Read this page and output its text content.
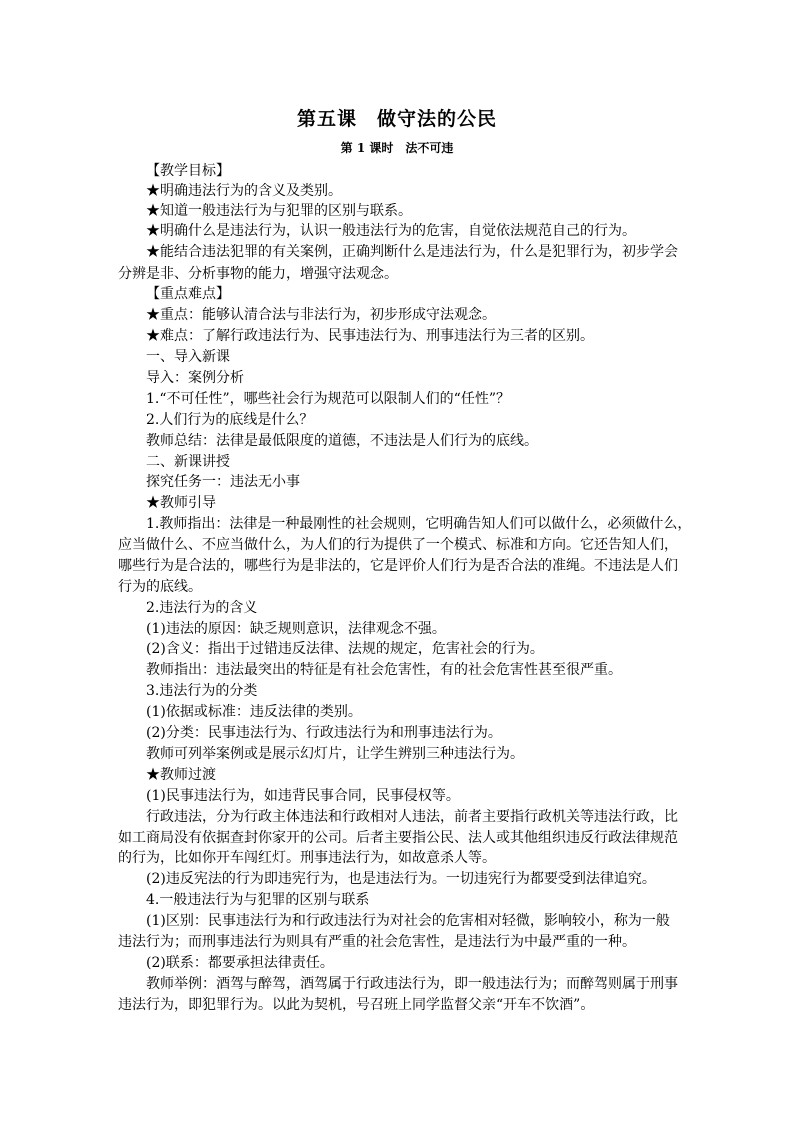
第五课　做守法的公民
第 1 课时　法不可违
【教学目标】
★明确违法行为的含义及类别。
★知道一般违法行为与犯罪的区别与联系。
★明确什么是违法行为，认识一般违法行为的危害，自觉依法规范自己的行为。
★能结合违法犯罪的有关案例，正确判断什么是违法行为，什么是犯罪行为，初步学会
分辨是非、分析事物的能力，增强守法观念。
【重点难点】
★重点：能够认清合法与非法行为，初步形成守法观念。
★难点：了解行政违法行为、民事违法行为、刑事违法行为三者的区别。
一、导入新课
导入：案例分析
1.“不可任性”，哪些社会行为规范可以限制人们的“任性”？
2.人们行为的底线是什么？
教师总结：法律是最低限度的道德，不违法是人们行为的底线。
二、新课讲授
探究任务一：违法无小事
★教师引导
1.教师指出：法律是一种最刚性的社会规则，它明确告知人们可以做什么，必须做什么，
应当做什么、不应当做什么，为人们的行为提供了一个模式、标准和方向。它还告知人们，
哪些行为是合法的，哪些行为是非法的，它是评价人们行为是否合法的准绳。不违法是人们
行为的底线。
2.违法行为的含义
(1)违法的原因：缺乏规则意识，法律观念不强。
(2)含义：指出于过错违反法律、法规的规定，危害社会的行为。
教师指出：违法最突出的特征是有社会危害性，有的社会危害性甚至很严重。
3.违法行为的分类
(1)依据或标准：违反法律的类别。
(2)分类：民事违法行为、行政违法行为和刑事违法行为。
教师可列举案例或是展示幻灯片，让学生辨别三种违法行为。
★教师过渡
(1)民事违法行为，如违背民事合同，民事侵权等。
行政违法，分为行政主体违法和行政相对人违法，前者主要指行政机关等违法行政，比
如工商局没有依据查封你家开的公司。后者主要指公民、法人或其他组织违反行政法律规范
的行为，比如你开车闯红灯。刑事违法行为，如故意杀人等。
(2)违反宪法的行为即违宪行为，也是违法行为。一切违宪行为都要受到法律追究。
4.一般违法行为与犯罪的区别与联系
(1)区别：民事违法行为和行政违法行为对社会的危害相对轻微，影响较小，称为一般
违法行为；而刑事违法行为则具有严重的社会危害性，是违法行为中最严重的一种。
(2)联系：都要承担法律责任。
教师举例：酒驾与醉驾，酒驾属于行政违法行为，即一般违法行为；而醉驾则属于刑事
违法行为，即犯罪行为。以此为契机，号召班上同学监督父亲“开车不饮酒”。
